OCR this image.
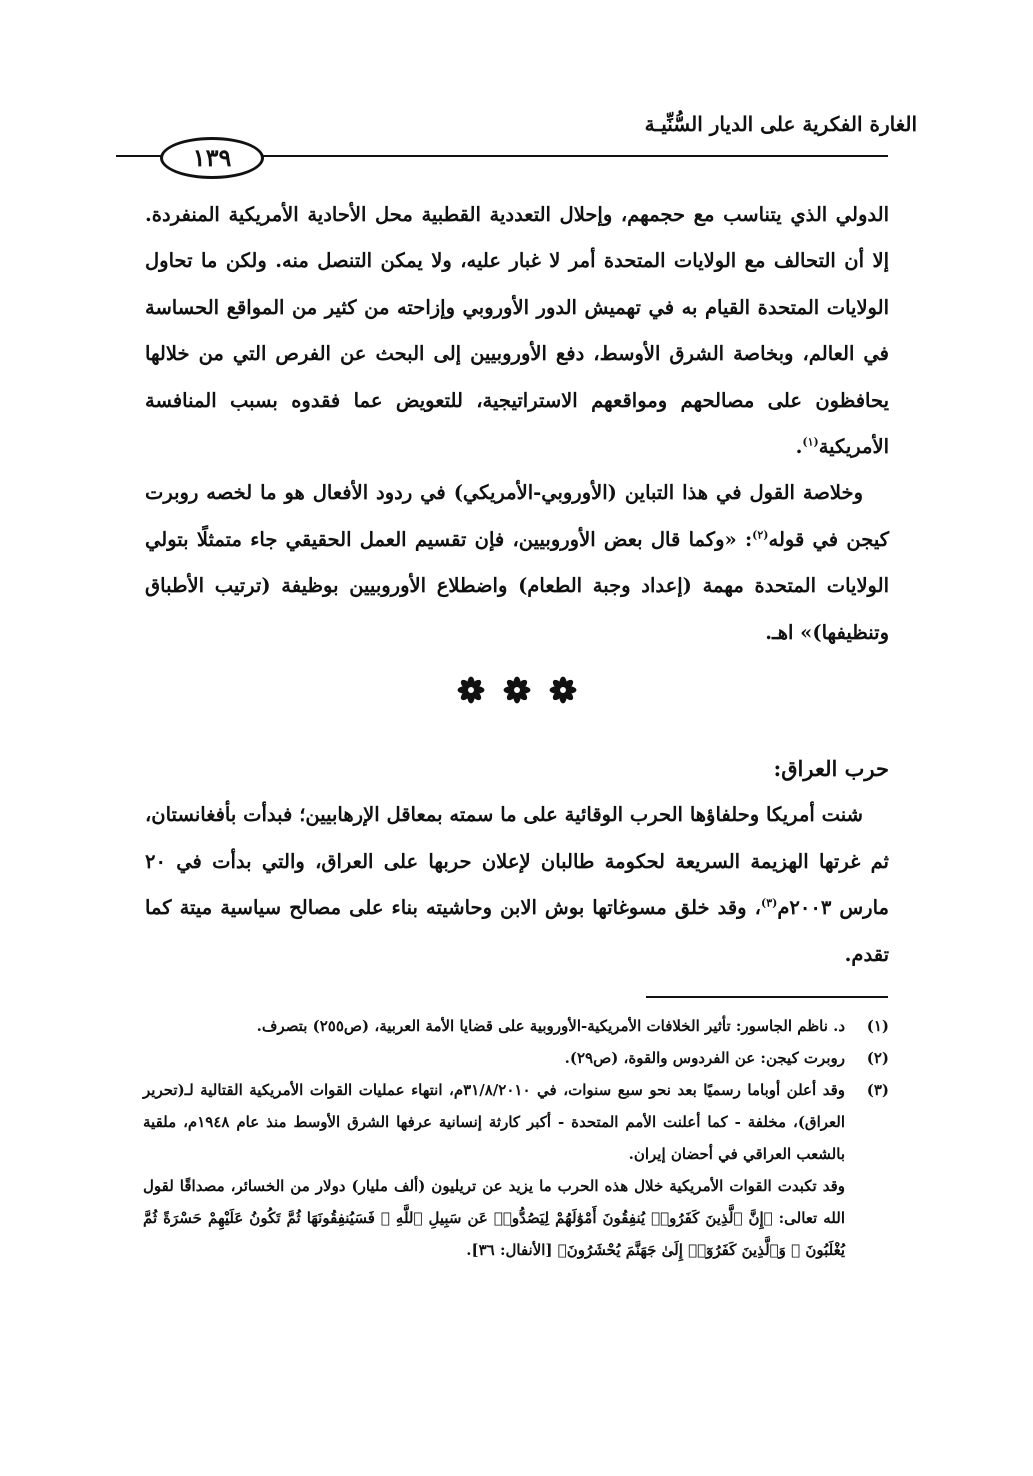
الغارة الفكرية على الديار السُّنِّيـة
١٣٩

الدولي الذي يتناسب مع حجمهم، وإحلال التعددية القطبية محل الأحادية الأمريكية المنفردة. إلا أن التحالف مع الولايات المتحدة أمر لا غبار عليه، ولا يمكن التنصل منه. ولكن ما تحاول الولايات المتحدة القيام به في تهميش الدور الأوروبي وإزاحته من كثير من المواقع الحساسة في العالم، وبخاصة الشرق الأوسط، دفع الأوروبيين إلى البحث عن الفرص التي من خلالها يحافظون على مصالحهم ومواقعهم الاستراتيجية، للتعويض عما فقدوه بسبب المنافسة الأمريكية$^{(١)}$.

وخلاصة القول في هذا التباين (الأوروبي-الأمريكي) في ردود الأفعال هو ما لخصه روبرت كيجن في قوله$^{(٢)}$: «وكما قال بعض الأوروبيين، فإن تقسيم العمل الحقيقي جاء متمثلًا بتولي الولايات المتحدة مهمة (إعداد وجبة الطعام) واضطلاع الأوروبيين بوظيفة (ترتيب الأطباق وتنظيفها)» اهـ.

حرب العراق:

شنت أمريكا وحلفاؤها الحرب الوقائية على ما سمته بمعاقل الإرهابيين؛ فبدأت بأفغانستان، ثم غرتها الهزيمة السريعة لحكومة طالبان لإعلان حربها على العراق، والتي بدأت في ٢٠ مارس ٢٠٠٣م$^{(٣)}$، وقد خلق مسوغاتها بوش الابن وحاشيته بناء على مصالح سياسية ميتة كما تقدم.

(١)
د. ناظم الجاسور: تأثير الخلافات الأمريكية-الأوروبية على قضايا الأمة العربية، (ص٢٥٥) بتصرف.
(٢)
روبرت كيجن: عن الفردوس والقوة، (ص٢٩).
(٣)
وقد أعلن أوباما رسميًا بعد نحو سبع سنوات، في ٣١/٨/٢٠١٠م، انتهاء عمليات القوات الأمريكية القتالية لـ(تحرير العراق)، مخلفة - كما أعلنت الأمم المتحدة - أكبر كارثة إنسانية عرفها الشرق الأوسط منذ عام ١٩٤٨م، ملقية بالشعب العراقي في أحضان إيران.
وقد تكبدت القوات الأمريكية خلال هذه الحرب ما يزيد عن تريليون (ألف مليار) دولار من الخسائر، مصداقًا لقول الله تعالى: ﴿إِنَّ ٱلَّذِينَ كَفَرُوا۟ يُنفِقُونَ أَمْوَٰلَهُمْ لِيَصُدُّوا۟ عَن سَبِيلِ ٱللَّهِ ۚ فَسَيُنفِقُونَهَا ثُمَّ تَكُونُ عَلَيْهِمْ حَسْرَةً ثُمَّ يُغْلَبُونَ ۗ وَٱلَّذِينَ كَفَرُوٓا۟ إِلَىٰ جَهَنَّمَ يُحْشَرُونَ﴾ [الأنفال: ٣٦].
